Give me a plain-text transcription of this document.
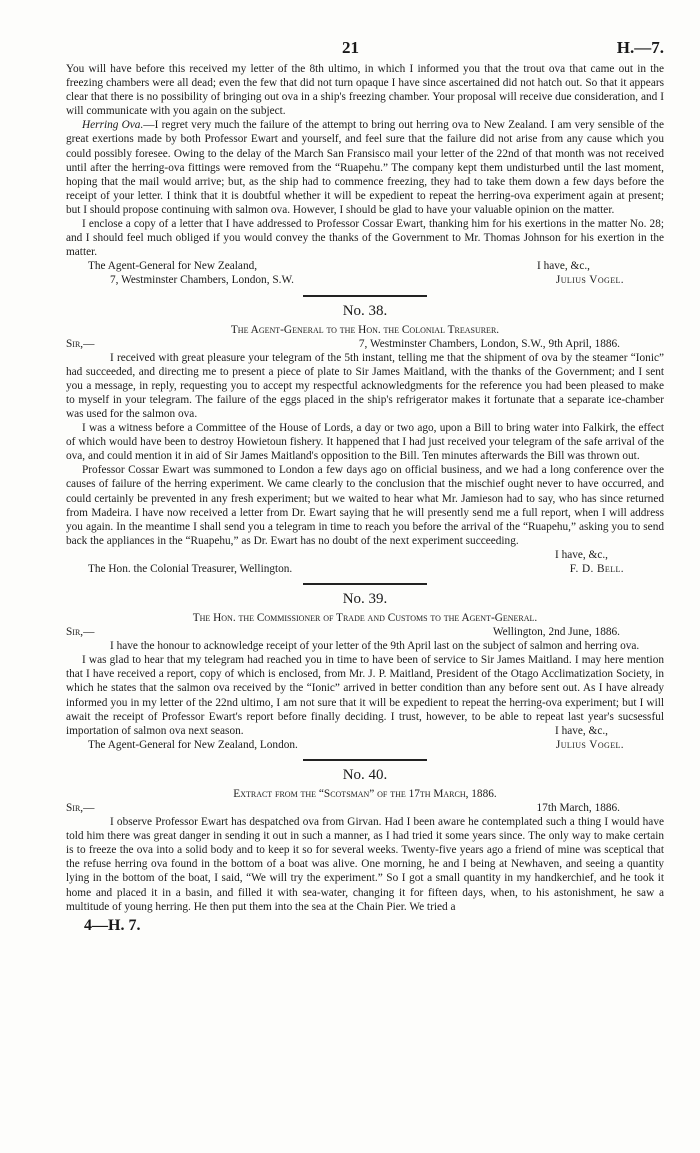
21	H.—7.

You will have before this received my letter of the 8th ultimo, in which I informed you that the trout ova that came out in the freezing chambers were all dead; even the few that did not turn opaque I have since ascertained did not hatch out. So that it appears clear that there is no possibility of bringing out ova in a ship's freezing chamber. Your proposal will receive due consideration, and I will communicate with you again on the subject.

Herring Ova.—I regret very much the failure of the attempt to bring out herring ova to New Zealand. I am very sensible of the great exertions made by both Professor Ewart and yourself, and feel sure that the failure did not arise from any cause which you could possibly foresee. Owing to the delay of the March San Fransisco mail your letter of the 22nd of that month was not received until after the herring-ova fittings were removed from the “Ruapehu.” The company kept them undisturbed until the last moment, hoping that the mail would arrive; but, as the ship had to commence freezing, they had to take them down a few days before the receipt of your letter. I think that it is doubtful whether it will be expedient to repeat the herring-ova experiment again at present; but I should propose continuing with salmon ova. However, I should be glad to have your valuable opinion on the matter.

I enclose a copy of a letter that I have addressed to Professor Cossar Ewart, thanking him for his exertions in the matter No. 28; and I should feel much obliged if you would convey the thanks of the Government to Mr. Thomas Johnson for his exertion in the matter.

The Agent-General for New Zealand,	I have, &c.,
7, Westminster Chambers, London, S.W.	Julius Vogel.
No. 38.
The Agent-General to the Hon. the Colonial Treasurer.
Sir,—	7, Westminster Chambers, London, S.W., 9th April, 1886.

I received with great pleasure your telegram of the 5th instant, telling me that the shipment of ova by the steamer “Ionic” had succeeded, and directing me to present a piece of plate to Sir James Maitland, with the thanks of the Government; and I sent you a message, in reply, requesting you to accept my respectful acknowledgments for the reference you had been pleased to make to myself in your telegram. The failure of the eggs placed in the ship's refrigerator makes it fortunate that a separate ice-chamber was used for the salmon ova.

I was a witness before a Committee of the House of Lords, a day or two ago, upon a Bill to bring water into Falkirk, the effect of which would have been to destroy Howietoun fishery. It happened that I had just received your telegram of the safe arrival of the ova, and could mention it in aid of Sir James Maitland's opposition to the Bill. Ten minutes afterwards the Bill was thrown out.

Professor Cossar Ewart was summoned to London a few days ago on official business, and we had a long conference over the causes of failure of the herring experiment. We came clearly to the conclusion that the mischief ought never to have occurred, and could certainly be prevented in any fresh experiment; but we waited to hear what Mr. Jamieson had to say, who has since returned from Madeira. I have now received a letter from Dr. Ewart saying that he will presently send me a full report, when I will address you again. In the meantime I shall send you a telegram in time to reach you before the arrival of the “Ruapehu,” asking you to send back the appliances in the “Ruapehu,” as Dr. Ewart has no doubt of the next experiment succeeding.

I have, &c.,
The Hon. the Colonial Treasurer, Wellington.	F. D. Bell.
No. 39.
The Hon. the Commissioner of Trade and Customs to the Agent-General.
Sir,—	Wellington, 2nd June, 1886.

I have the honour to acknowledge receipt of your letter of the 9th April last on the subject of salmon and herring ova.

I was glad to hear that my telegram had reached you in time to have been of service to Sir James Maitland. I may here mention that I have received a report, copy of which is enclosed, from Mr. J. P. Maitland, President of the Otago Acclimatization Society, in which he states that the salmon ova received by the “Ionic” arrived in better condition than any before sent out. As I have already informed you in my letter of the 22nd ultimo, I am not sure that it will be expedient to repeat the herring-ova experiment; but I will await the receipt of Professor Ewart's report before finally deciding. I trust, however, to be able to repeat last year's sucsessful importation of salmon ova next season.	I have, &c.,
The Agent-General for New Zealand, London.	Julius Vogel.
No. 40.
Extract from the “Scotsman” of the 17th March, 1886.
Sir,—	17th March, 1886.

I observe Professor Ewart has despatched ova from Girvan. Had I been aware he contemplated such a thing I would have told him there was great danger in sending it out in such a manner, as I had tried it some years since. The only way to make certain is to freeze the ova into a solid body and to keep it so for several weeks. Twenty-five years ago a friend of mine was sceptical that the refuse herring ova found in the bottom of a boat was alive. One morning, he and I being at Newhaven, and seeing a quantity lying in the bottom of the boat, I said, “We will try the experiment.” So I got a small quantity in my handkerchief, and he took it home and placed it in a basin, and filled it with sea-water, changing it for fifteen days, when, to his astonishment, he saw a multitude of young herring. He then put them into the sea at the Chain Pier. We tried a

4—H. 7.
